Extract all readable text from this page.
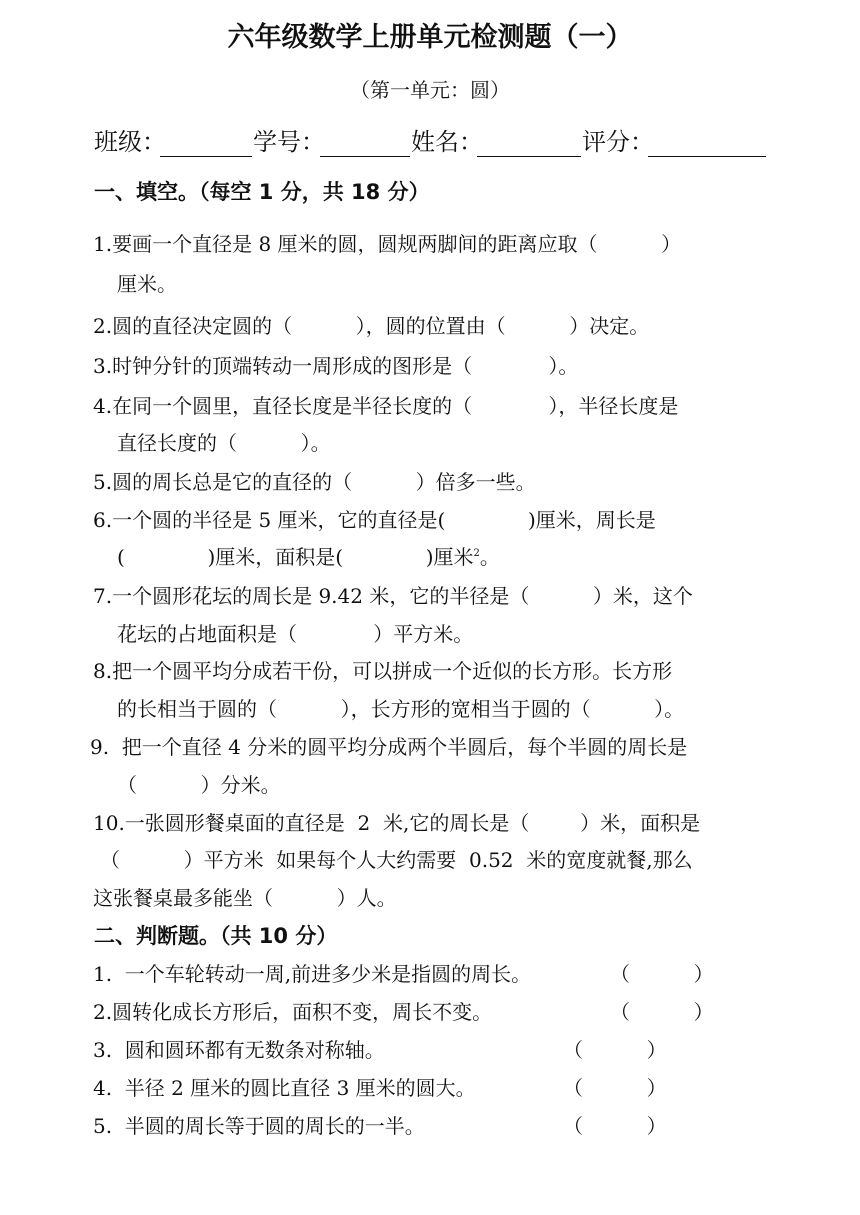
六年级数学上册单元检测题（一）
（第一单元：圆）
班级：	学号：	姓名：	评分：
一、填空。（每空 1 分，共 18 分）
1.要画一个直径是 8 厘米的圆，圆规两脚间的距离应取（          ）
厘米。
2.圆的直径决定圆的（          ），圆的位置由（          ）决定。
3.时钟分针的顶端转动一周形成的图形是（            ）。
4.在同一个圆里，直径长度是半径长度的（            ），半径长度是
直径长度的（          ）。
5.圆的周长总是它的直径的（          ）倍多一些。
6.一个圆的半径是 5 厘米，它的直径是(             )厘米，周长是
(             )厘米，面积是(             )厘米$^2$。
7.一个圆形花坛的周长是 9.42 米，它的半径是（          ）米，这个
花坛的占地面积是（            ）平方米。
8.把一个圆平均分成若干份，可以拼成一个近似的长方形。长方形
的长相当于圆的（          ），长方形的宽相当于圆的（          ）。
9.  把一个直径 4 分米的圆平均分成两个半圆后，每个半圆的周长是
（          ）分米。
10.一张圆形餐桌面的直径是  2  米,它的周长是（        ）米，面积是
（          ）平方米  如果每个人大约需要  0.52  米的宽度就餐,那么
这张餐桌最多能坐（          ）人。
二、判断题。（共 10 分）
1.  一个车轮转动一周,前进多少米是指圆的周长。	（          ）
2.圆转化成长方形后，面积不变，周长不变。	（          ）
3.  圆和圆环都有无数条对称轴。	（          ）
4.  半径 2 厘米的圆比直径 3 厘米的圆大。	（          ）
5.  半圆的周长等于圆的周长的一半。	（          ）
